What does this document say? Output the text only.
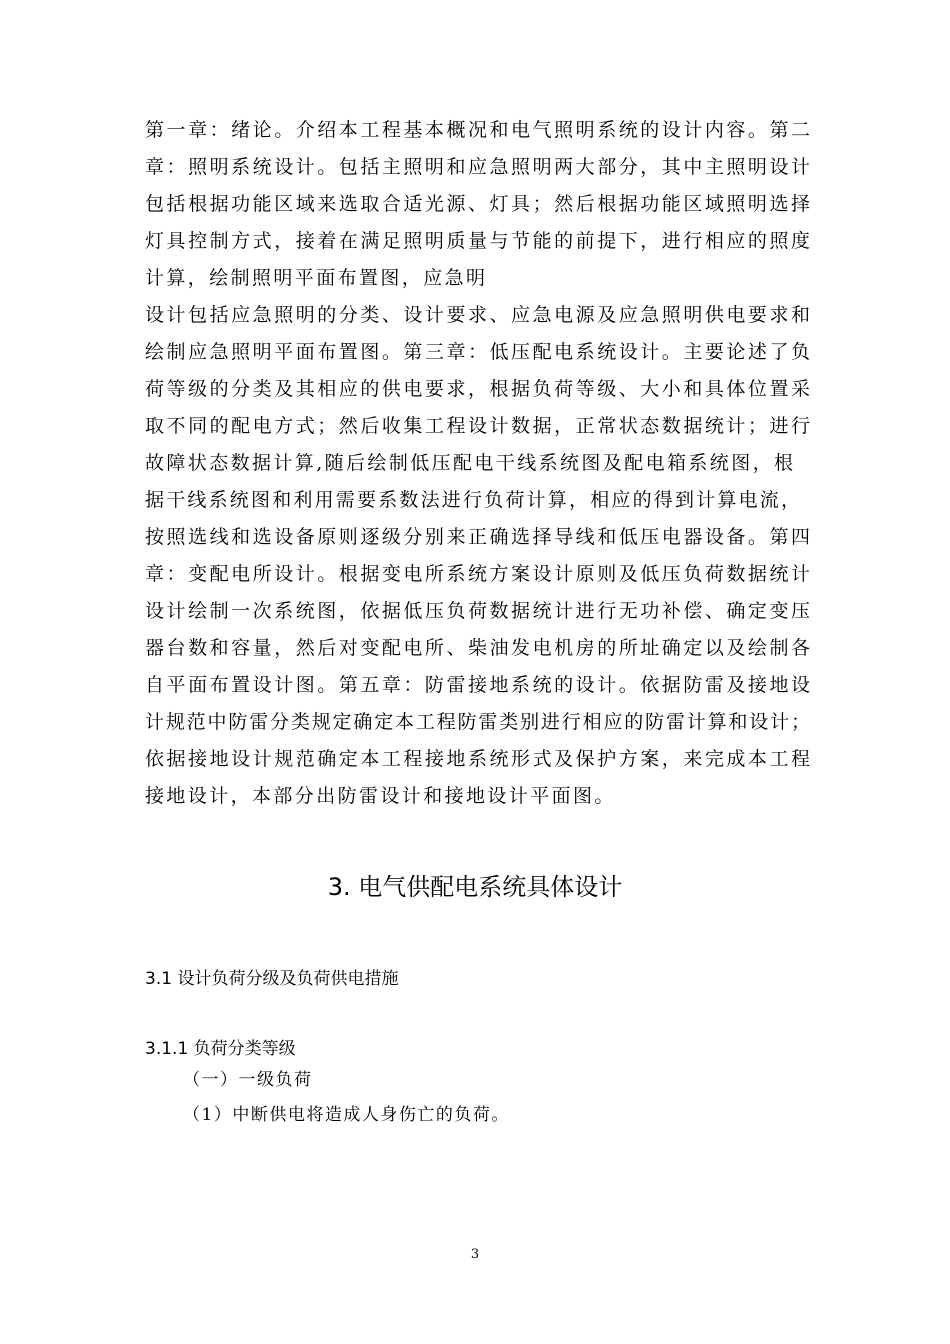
第一章：绪论。介绍本工程基本概况和电气照明系统的设计内容。第二
章：照明系统设计。包括主照明和应急照明两大部分，其中主照明设计
包括根据功能区域来选取合适光源、灯具；然后根据功能区域照明选择
灯具控制方式，接着在满足照明质量与节能的前提下，进行相应的照度
计算，绘制照明平面布置图，应急明
设计包括应急照明的分类、设计要求、应急电源及应急照明供电要求和
绘制应急照明平面布置图。第三章：低压配电系统设计。主要论述了负
荷等级的分类及其相应的供电要求，根据负荷等级、大小和具体位置采
取不同的配电方式；然后收集工程设计数据，正常状态数据统计；进行
故障状态数据计算,随后绘制低压配电干线系统图及配电箱系统图，根
据干线系统图和利用需要系数法进行负荷计算，相应的得到计算电流，
按照选线和选设备原则逐级分别来正确选择导线和低压电器设备。第四
章：变配电所设计。根据变电所系统方案设计原则及低压负荷数据统计
设计绘制一次系统图，依据低压负荷数据统计进行无功补偿、确定变压
器台数和容量，然后对变配电所、柴油发电机房的所址确定以及绘制各
自平面布置设计图。第五章：防雷接地系统的设计。依据防雷及接地设
计规范中防雷分类规定确定本工程防雷类别进行相应的防雷计算和设计；
依据接地设计规范确定本工程接地系统形式及保护方案，来完成本工程
接地设计，本部分出防雷设计和接地设计平面图。
3. 电气供配电系统具体设计
3.1 设计负荷分级及负荷供电措施
3.1.1 负荷分类等级
（一）一级负荷
（1）中断供电将造成人身伤亡的负荷。
3
